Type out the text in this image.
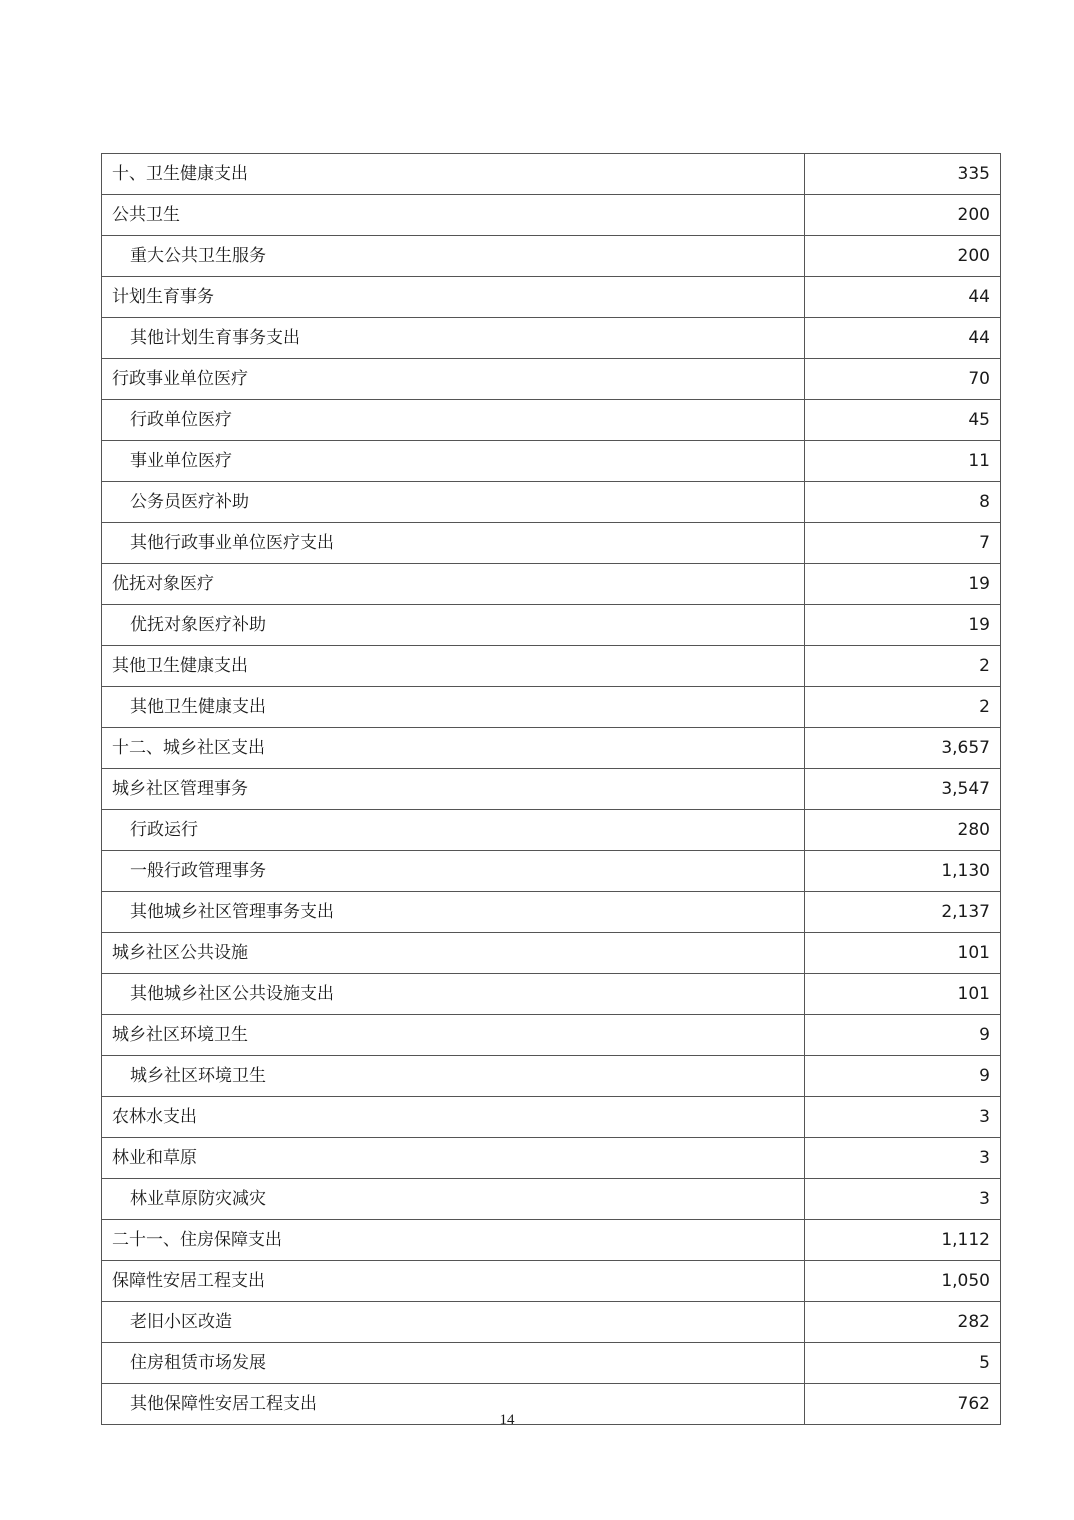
十、卫生健康支出	335
公共卫生	200
重大公共卫生服务	200
计划生育事务	44
其他计划生育事务支出	44
行政事业单位医疗	70
行政单位医疗	45
事业单位医疗	11
公务员医疗补助	8
其他行政事业单位医疗支出	7
优抚对象医疗	19
优抚对象医疗补助	19
其他卫生健康支出	2
其他卫生健康支出	2
十二、城乡社区支出	3,657
城乡社区管理事务	3,547
行政运行	280
一般行政管理事务	1,130
其他城乡社区管理事务支出	2,137
城乡社区公共设施	101
其他城乡社区公共设施支出	101
城乡社区环境卫生	9
城乡社区环境卫生	9
农林水支出	3
林业和草原	3
林业草原防灾减灾	3
二十一、住房保障支出	1,112
保障性安居工程支出	1,050
老旧小区改造	282
住房租赁市场发展	5
其他保障性安居工程支出	762
14
